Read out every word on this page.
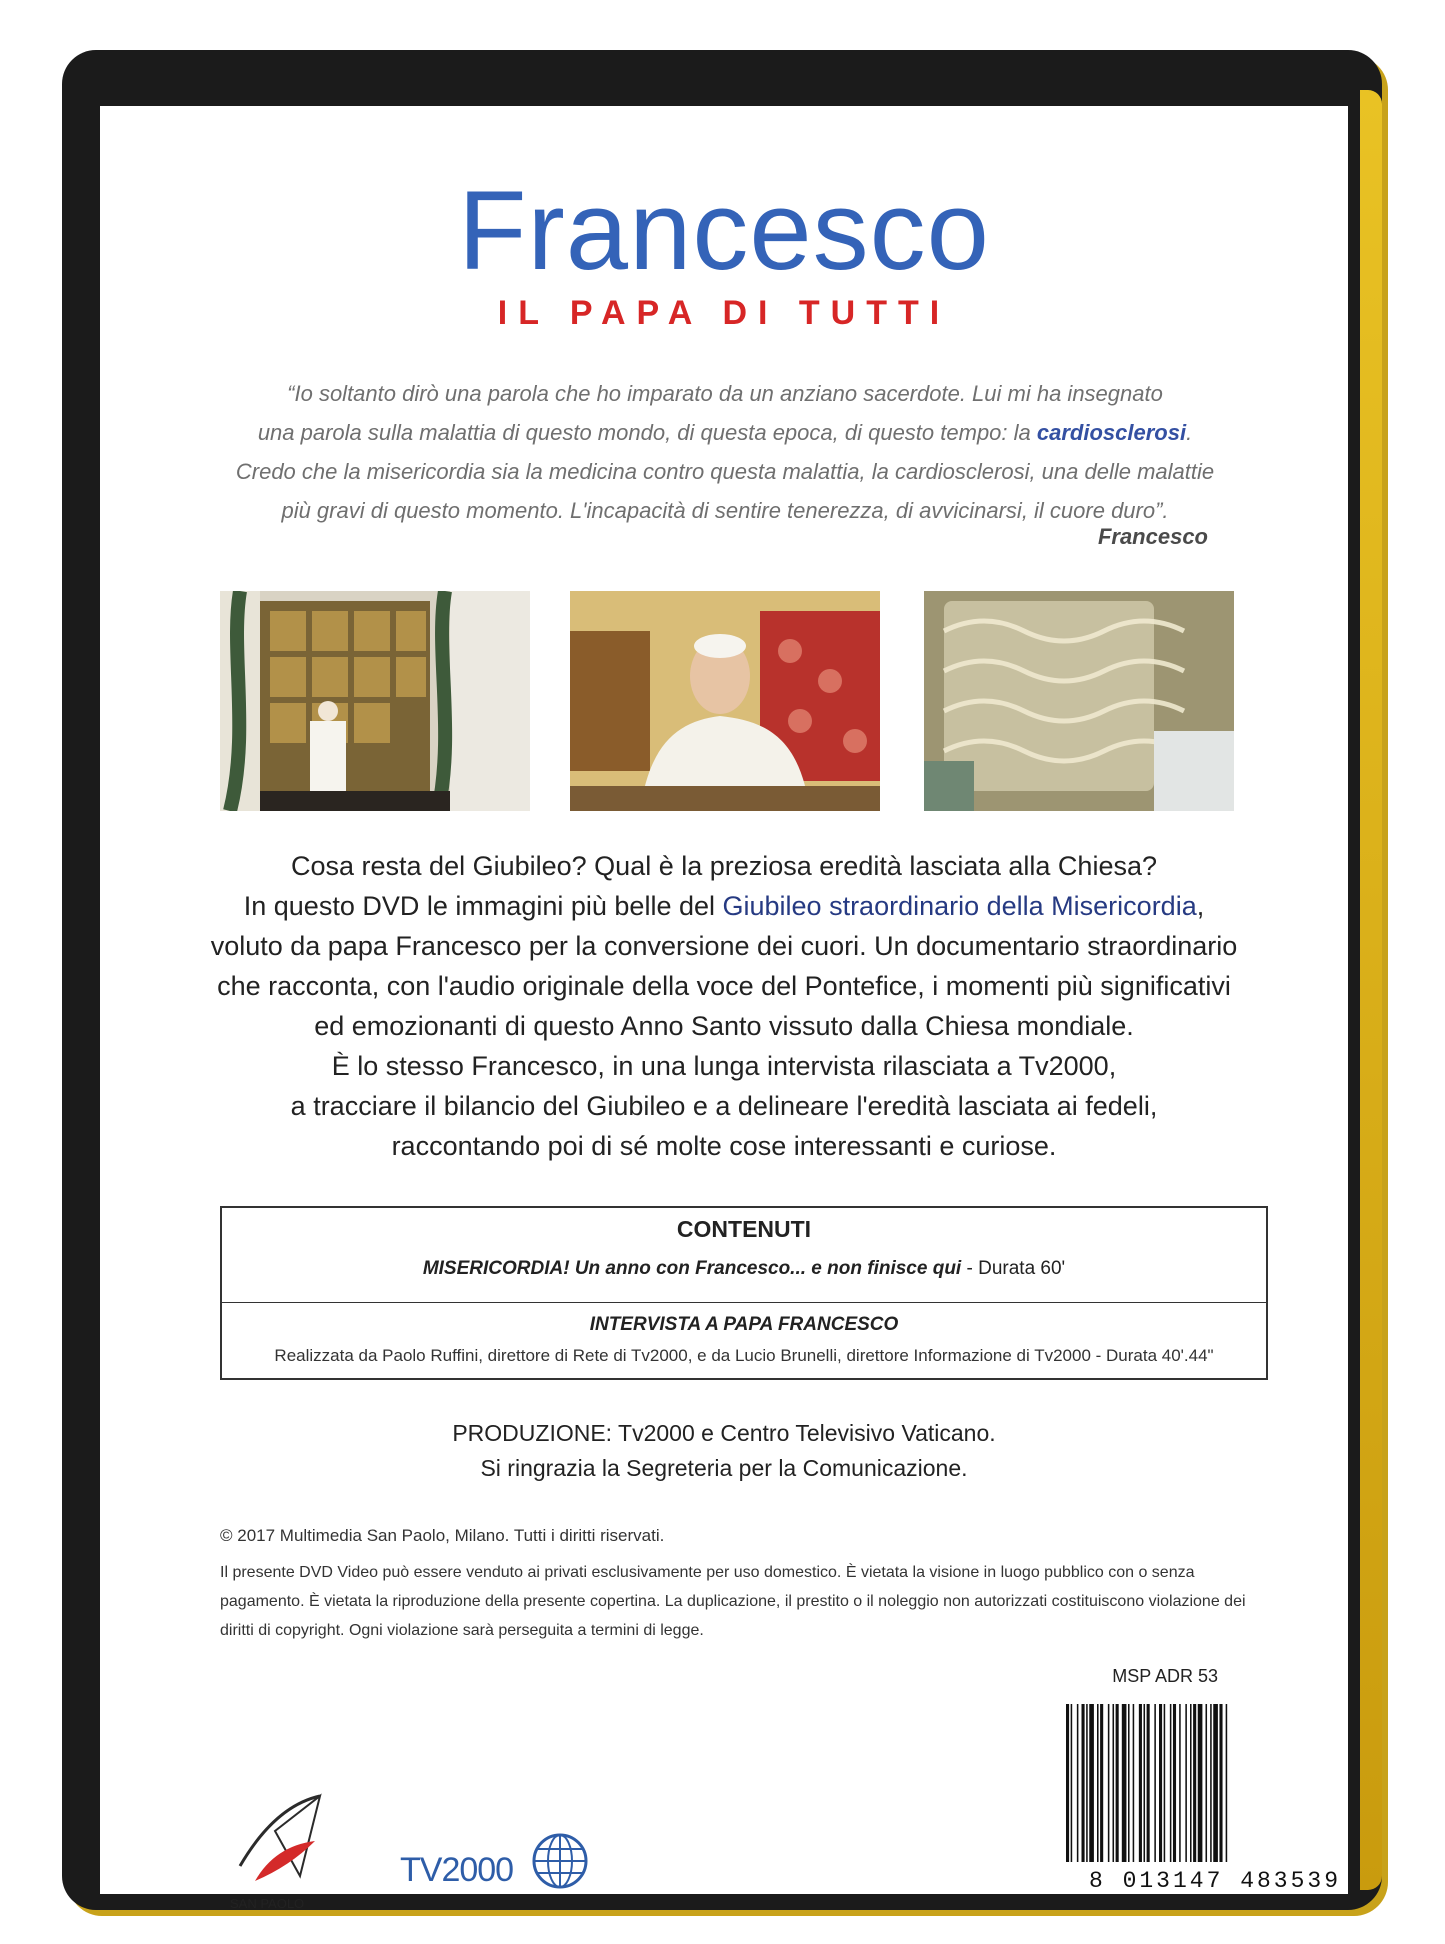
Francesco
IL PAPA DI TUTTI
“Io soltanto dirò una parola che ho imparato da un anziano sacerdote. Lui mi ha insegnato
una parola sulla malattia di questo mondo, di questa epoca, di questo tempo: la cardiosclerosi.
Credo che la misericordia sia la medicina contro questa malattia, la cardiosclerosi, una delle malattie
più gravi di questo momento. L'incapacità di sentire tenerezza, di avvicinarsi, il cuore duro”.
Francesco
Cosa resta del Giubileo? Qual è la preziosa eredità lasciata alla Chiesa?
In questo DVD le immagini più belle del Giubileo straordinario della Misericordia,
voluto da papa Francesco per la conversione dei cuori. Un documentario straordinario
che racconta, con l'audio originale della voce del Pontefice, i momenti più significativi
ed emozionanti di questo Anno Santo vissuto dalla Chiesa mondiale.
È lo stesso Francesco, in una lunga intervista rilasciata a Tv2000,
a tracciare il bilancio del Giubileo e a delineare l'eredità lasciata ai fedeli,
raccontando poi di sé molte cose interessanti e curiose.
CONTENUTI
MISERICORDIA! Un anno con Francesco... e non finisce qui - Durata 60'
INTERVISTA A PAPA FRANCESCO
Realizzata da Paolo Ruffini, direttore di Rete di Tv2000, e da Lucio Brunelli, direttore Informazione di Tv2000 - Durata 40'.44"
PRODUZIONE: Tv2000 e Centro Televisivo Vaticano.
Si ringrazia la Segreteria per la Comunicazione.
© 2017 Multimedia San Paolo, Milano. Tutti i diritti riservati.
Il presente DVD Video può essere venduto ai privati esclusivamente per uso domestico. È vietata la visione in luogo pubblico con o senza
pagamento. È vietata la riproduzione della presente copertina. La duplicazione, il prestito o il noleggio non autorizzati costituiscono violazione dei
diritti di copyright. Ogni violazione sarà perseguita a termini di legge.
MSP ADR 53
8 013147 483539
SAN PAOLO
TV2000
